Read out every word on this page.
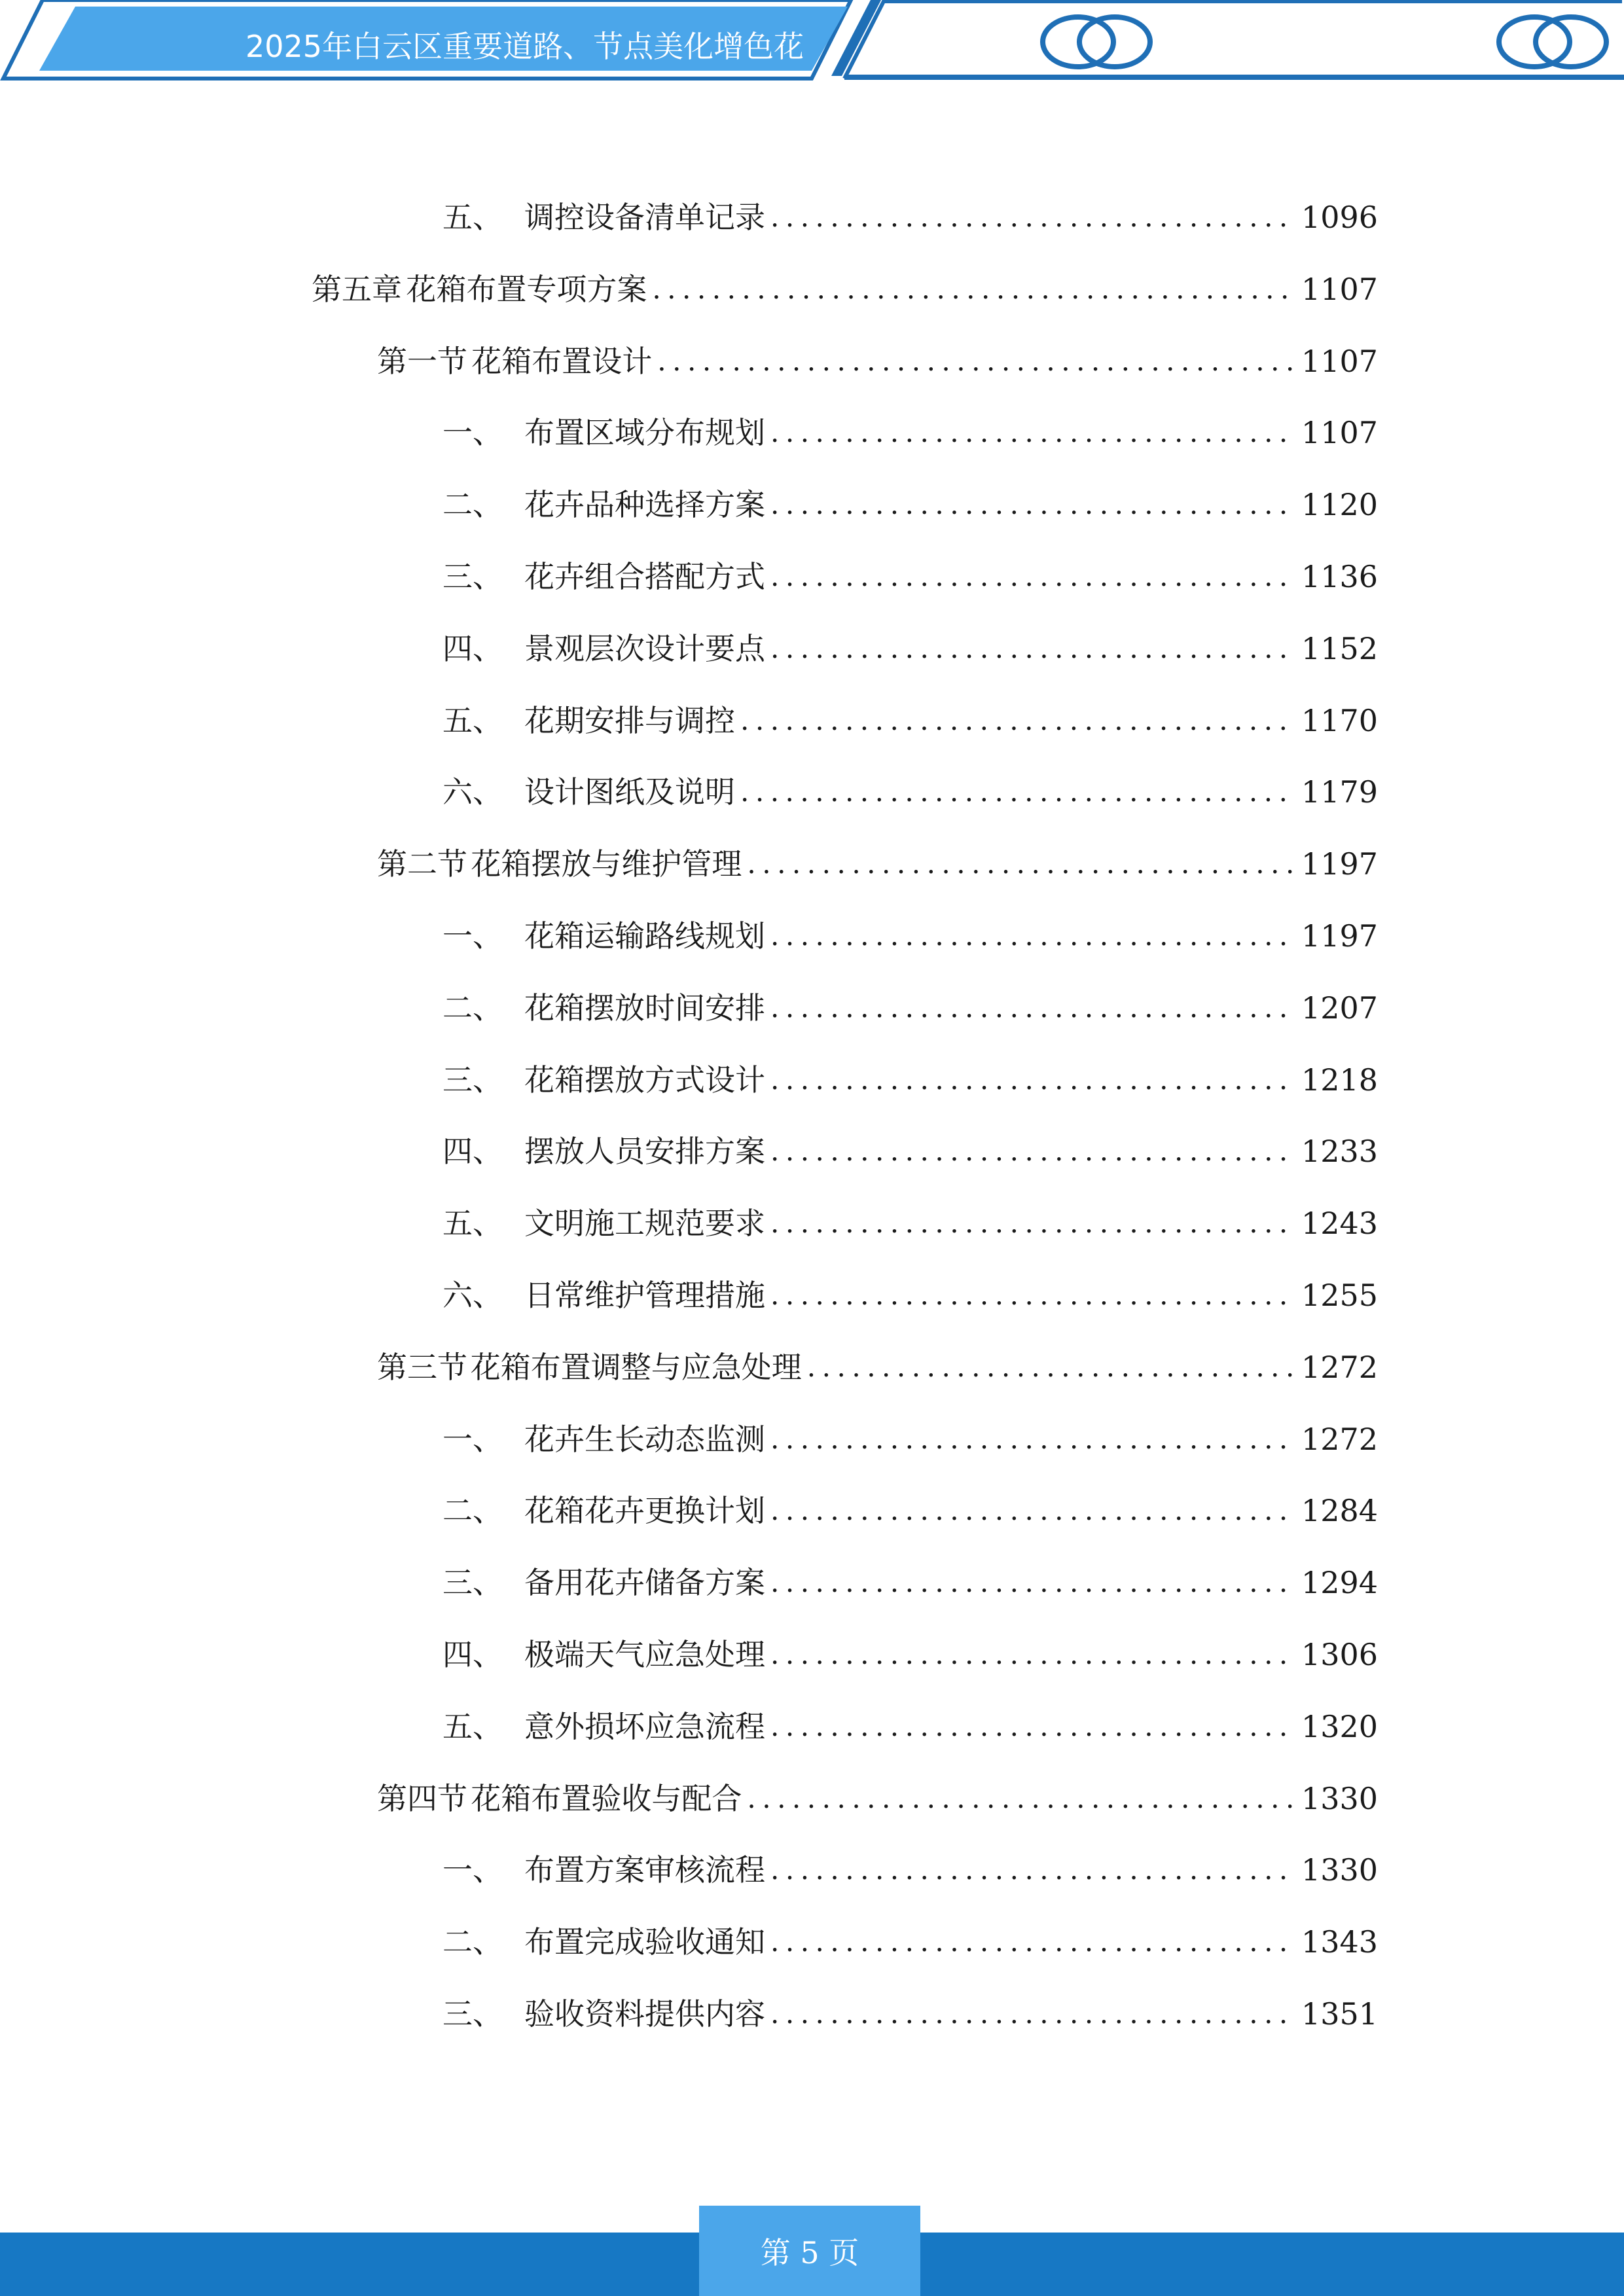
2025年白云区重要道路、节点美化增色花
五、 调控设备清单记录 .....	1096
第五章 花箱布置专项方案 .....	1107
第一节 花箱布置设计 .....	1107
一、 布置区域分布规划 .....	1107
二、 花卉品种选择方案 .....	1120
三、 花卉组合搭配方式 .....	1136
四、 景观层次设计要点 .....	1152
五、 花期安排与调控 .....	1170
六、 设计图纸及说明 .....	1179
第二节 花箱摆放与维护管理 .....	1197
一、 花箱运输路线规划 .....	1197
二、 花箱摆放时间安排 .....	1207
三、 花箱摆放方式设计 .....	1218
四、 摆放人员安排方案 .....	1233
五、 文明施工规范要求 .....	1243
六、 日常维护管理措施 .....	1255
第三节 花箱布置调整与应急处理 .....	1272
一、 花卉生长动态监测 .....	1272
二、 花箱花卉更换计划 .....	1284
三、 备用花卉储备方案 .....	1294
四、 极端天气应急处理 .....	1306
五、 意外损坏应急流程 .....	1320
第四节 花箱布置验收与配合 .....	1330
一、 布置方案审核流程 .....	1330
二、 布置完成验收通知 .....	1343
三、 验收资料提供内容 .....	1351
第 5 页
